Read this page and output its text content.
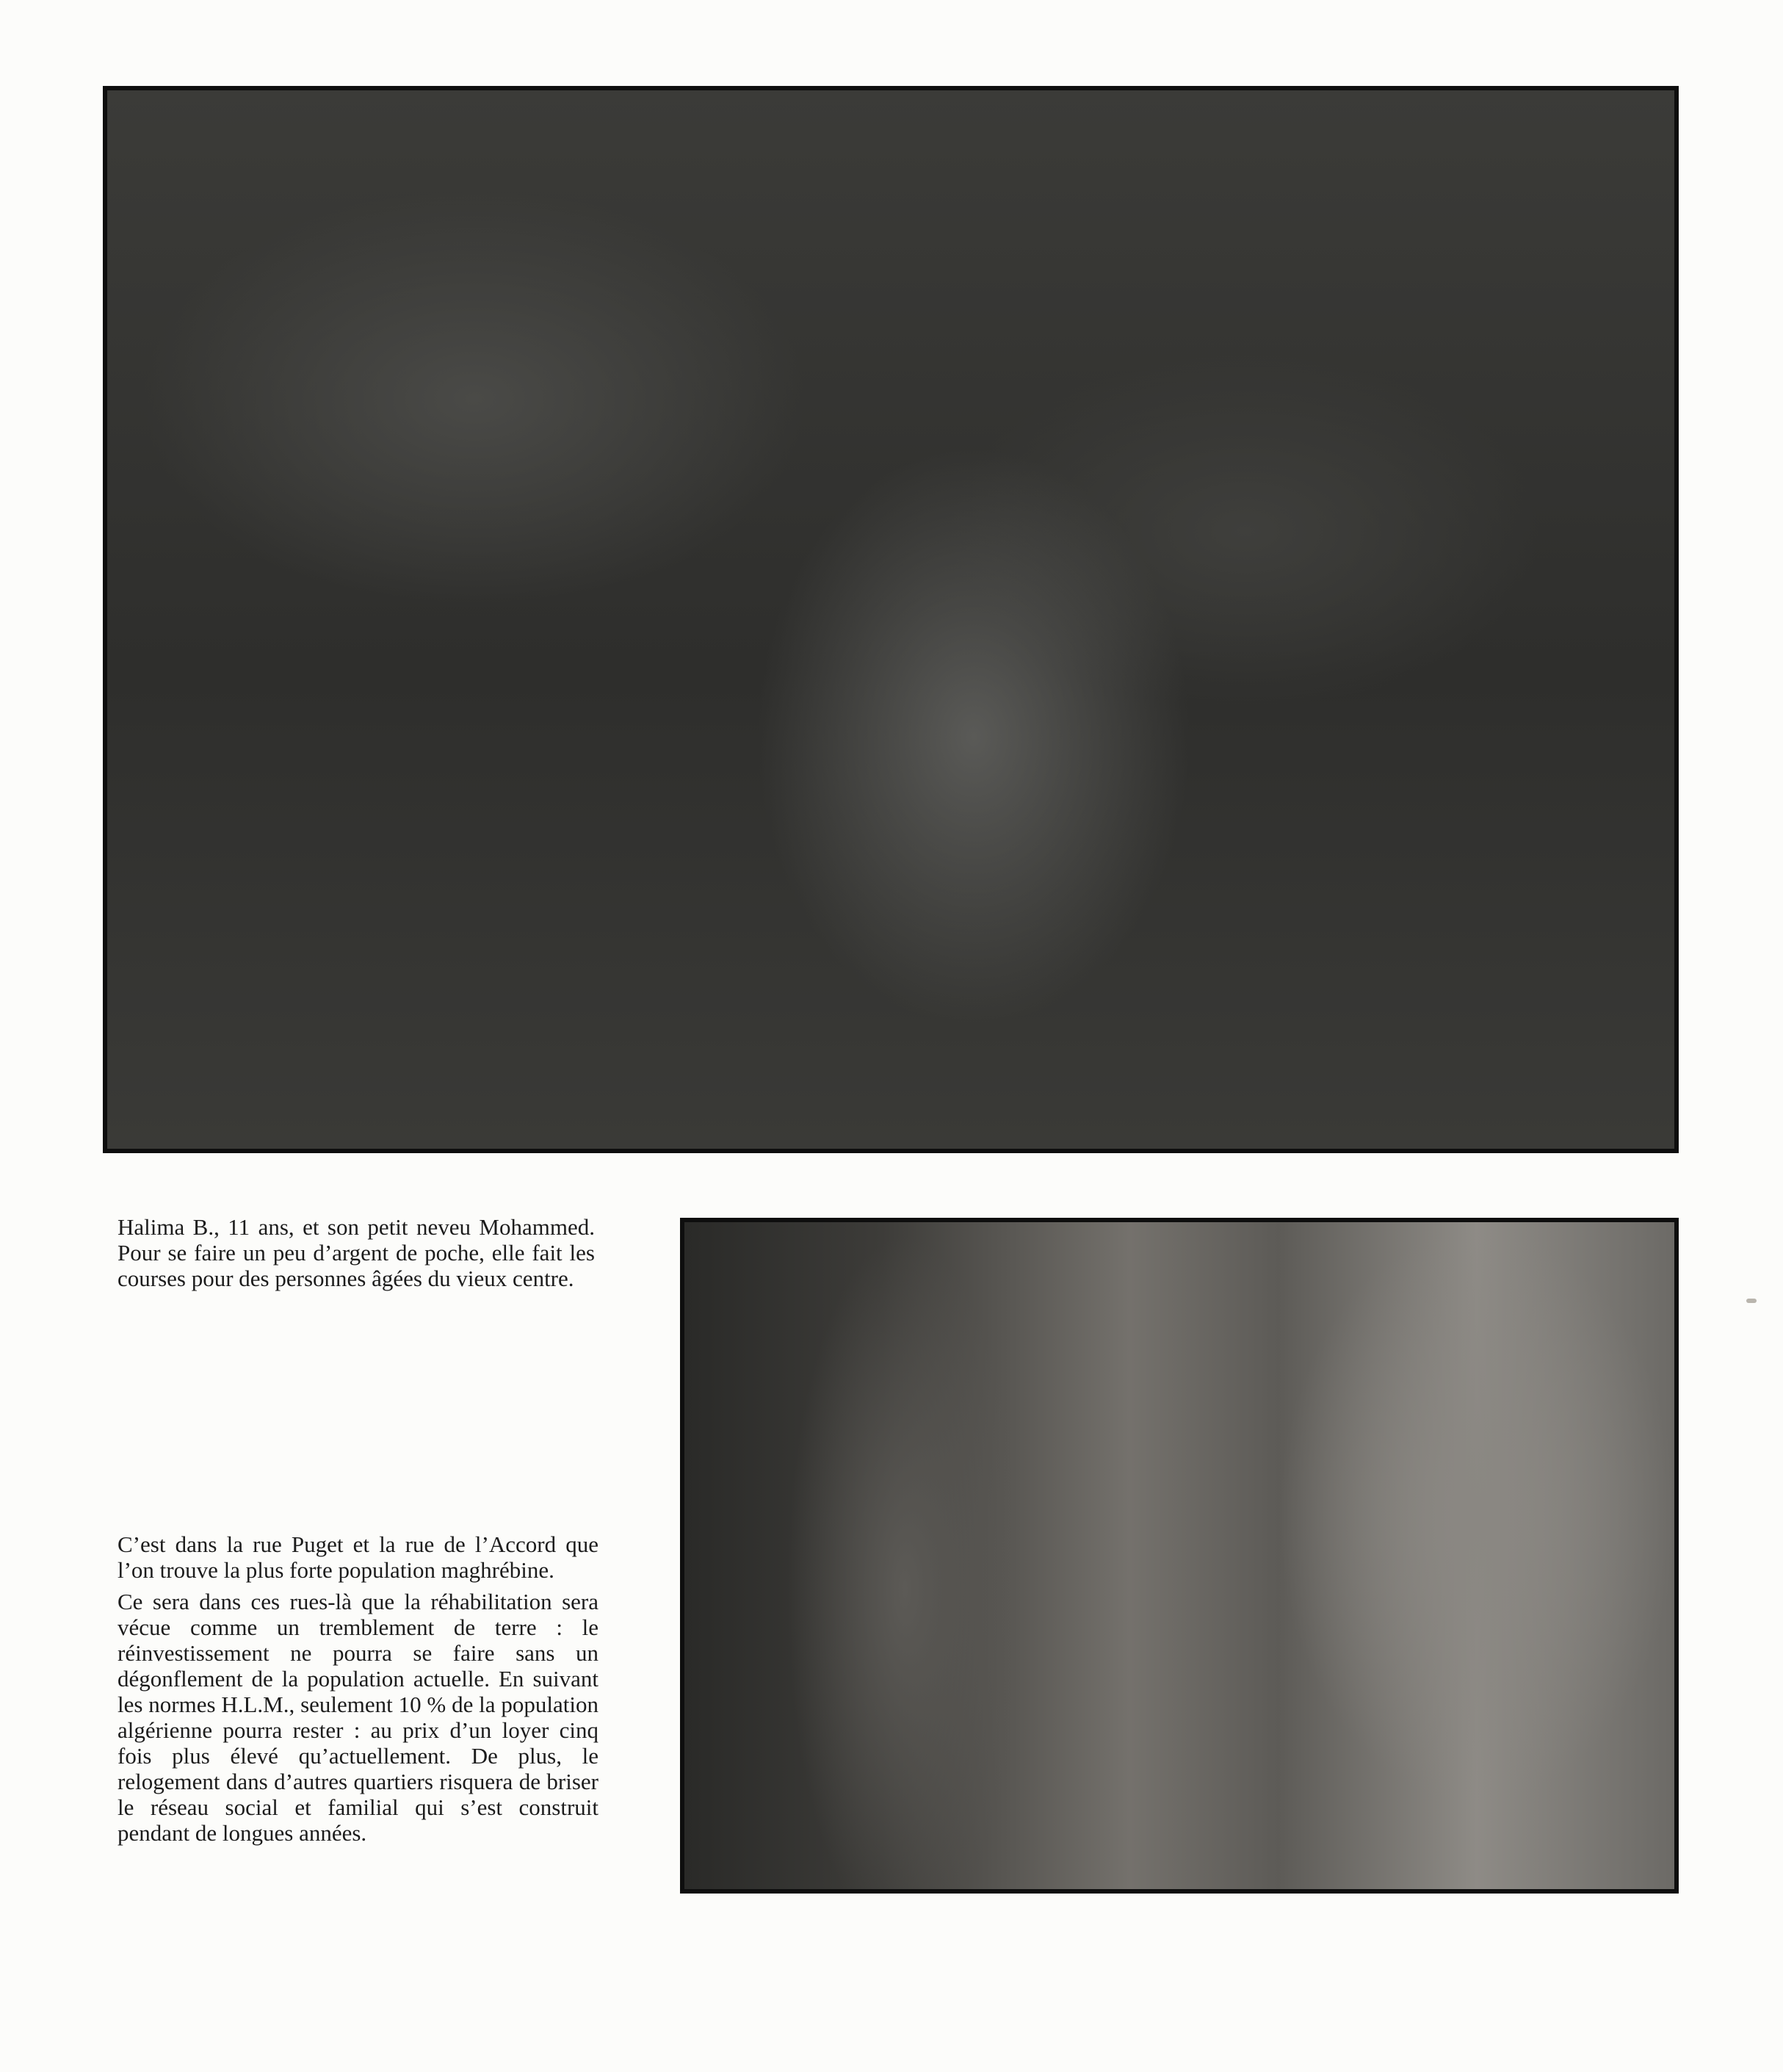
Halima B., 11 ans, et son petit neveu Mohammed. Pour se faire un peu d’argent de poche, elle fait les courses pour des personnes âgées du vieux centre.

C’est dans la rue Puget et la rue de l’Accord que l’on trouve la plus forte population maghrébine.

Ce sera dans ces rues-là que la réhabilitation sera vécue comme un tremblement de terre : le réinvestissement ne pourra se faire sans un dégonflement de la population actuelle. En suivant les normes H.L.M., seulement 10 % de la population algérienne pourra rester : au prix d’un loyer cinq fois plus élevé qu’actuellement. De plus, le relogement dans d’autres quartiers risquera de briser le réseau social et familial qui s’est construit pendant de longues années.
